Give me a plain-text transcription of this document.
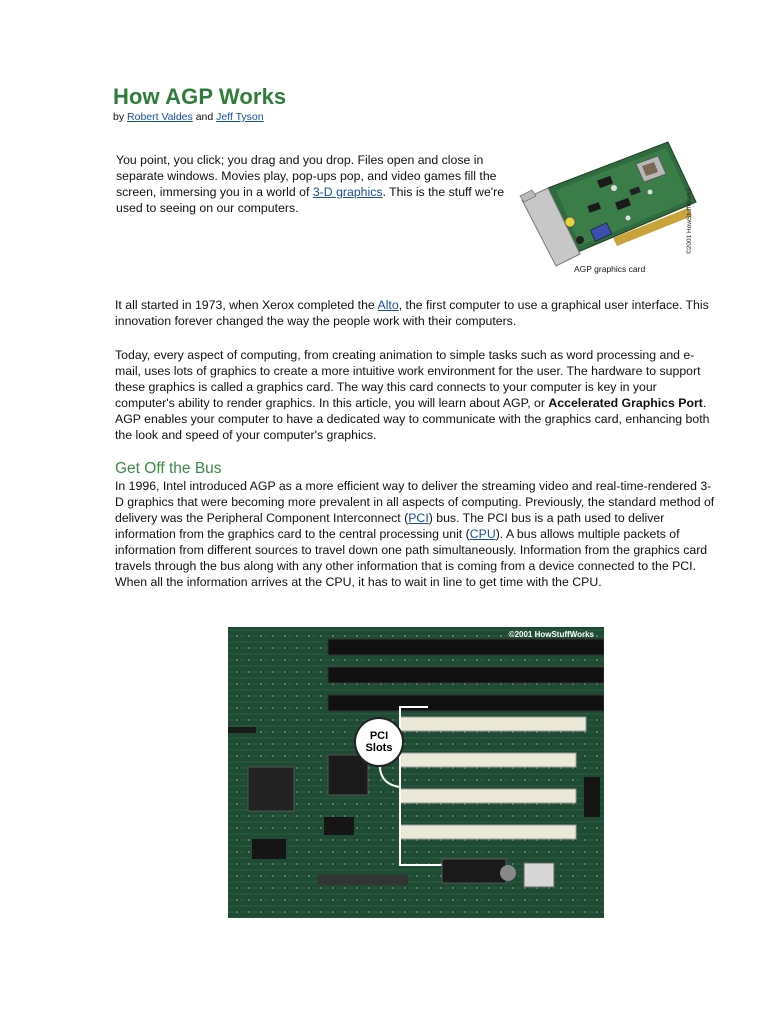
How AGP Works
by Robert Valdes and Jeff Tyson

You point, you click; you drag and you drop. Files open and close in separate windows. Movies play, pop-ups pop, and video games fill the screen, immersing you in a world of 3-D graphics. This is the stuff we're used to seeing on our computers.	©2001 HowStuffWorks
AGP graphics card

It all started in 1973, when Xerox completed the Alto, the first computer to use a graphical user interface. This innovation forever changed the way the people work with their computers.

Today, every aspect of computing, from creating animation to simple tasks such as word processing and e-mail, uses lots of graphics to create a more intuitive work environment for the user. The hardware to support these graphics is called a graphics card. The way this card connects to your computer is key in your computer's ability to render graphics. In this article, you will learn about AGP, or Accelerated Graphics Port. AGP enables your computer to have a dedicated way to communicate with the graphics card, enhancing both the look and speed of your computer's graphics.

Get Off the Bus

In 1996, Intel introduced AGP as a more efficient way to deliver the streaming video and real-time-rendered 3-D graphics that were becoming more prevalent in all aspects of computing. Previously, the standard method of delivery was the Peripheral Component Interconnect (PCI) bus. The PCI bus is a path used to deliver information from the graphics card to the central processing unit (CPU). A bus allows multiple packets of information from different sources to travel down one path simultaneously. Information from the graphics card travels through the bus along with any other information that is coming from a device connected to the PCI. When all the information arrives at the CPU, it has to wait in line to get time with the CPU.

©2001 HowStuffWorks
PCI
Slots
